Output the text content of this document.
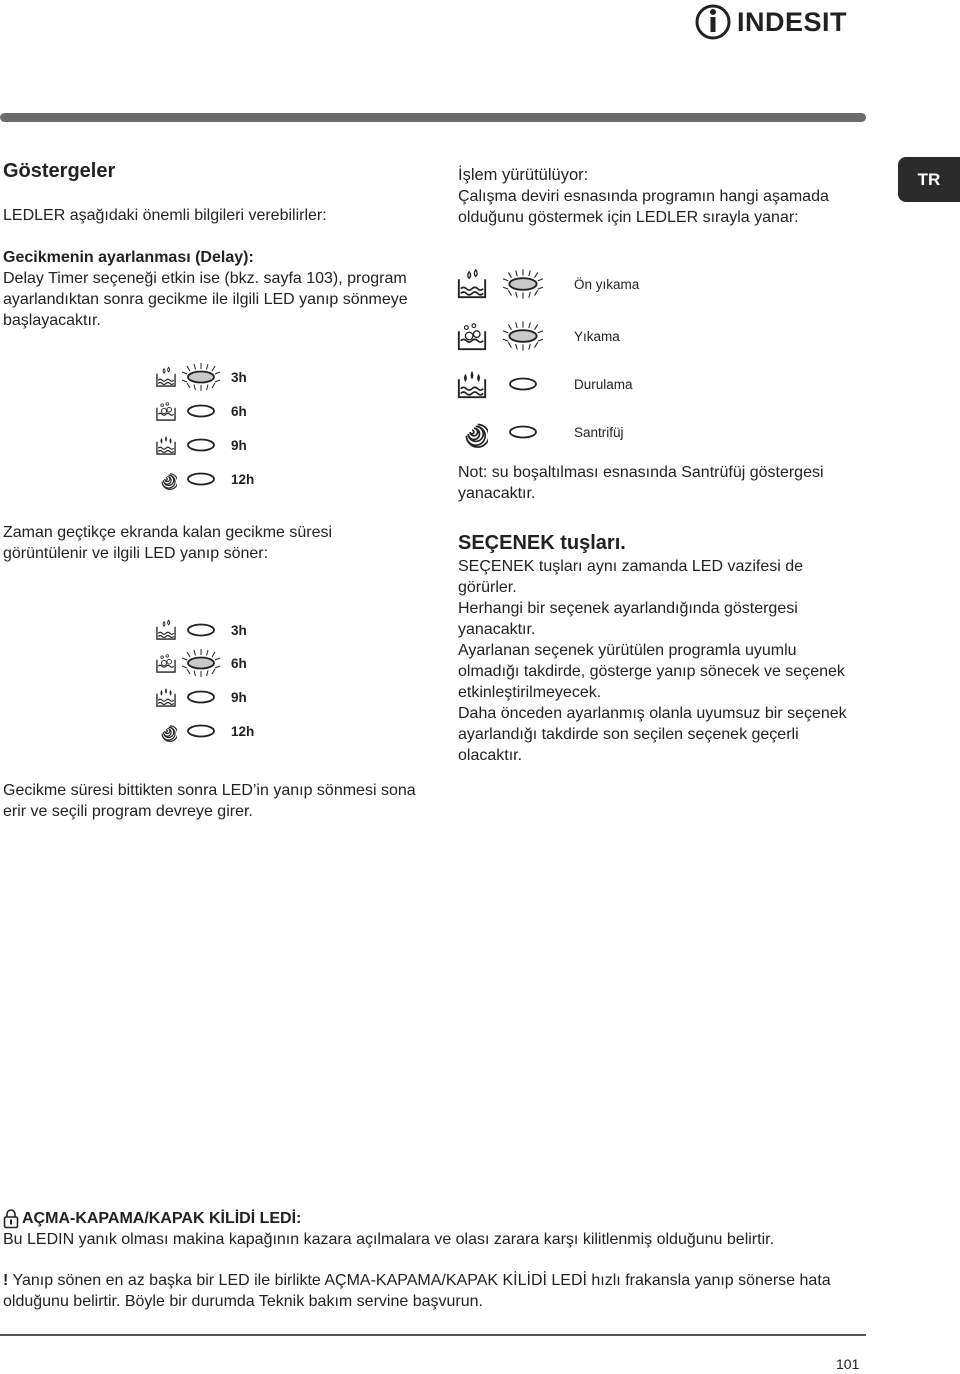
INDESIT
TR
Göstergeler

LEDLER aşağıdaki önemli bilgileri verebilirler:

Gecikmenin ayarlanması (Delay):

Delay Timer seçeneği etkin ise (bkz. sayfa 103), program ayarlandıktan sonra gecikme ile ilgili LED yanıp sönmeye başlayacaktır.

3h
6h
9h
12h

Zaman geçtikçe ekranda kalan gecikme süresi görüntülenir ve ilgili LED yanıp söner:

3h
6h
9h
12h

Gecikme süresi bittikten sonra LED’in yanıp sönmesi sona erir ve seçili program devreye girer.

İşlem yürütülüyor:

Çalışma deviri esnasında programın hangi aşamada olduğunu göstermek için LEDLER sırayla yanar:

Ön yıkama
Yıkama
Durulama
Santrifüj

Not: su boşaltılması esnasında Santrüfüj göstergesi yanacaktır.

SEÇENEK tuşları.

SEÇENEK tuşları aynı zamanda LED vazifesi de görürler.

Herhangi bir seçenek ayarlandığında göstergesi yanacaktır.

Ayarlanan seçenek yürütülen programla uyumlu olmadığı takdirde, gösterge yanıp sönecek ve seçenek etkinleştirilmeyecek.

Daha önceden ayarlanmış olanla uyumsuz bir seçenek ayarlandığı takdirde son seçilen seçenek geçerli olacaktır.

AÇMA-KAPAMA/KAPAK KİLİDİ LEDİ:

Bu LEDIN yanık olması makina kapağının kazara açılmalara ve olası zarara karşı kilitlenmiş olduğunu belirtir.

! Yanıp sönen en az başka bir LED ile birlikte AÇMA-KAPAMA/KAPAK KİLİDİ LEDİ hızlı frakansla yanıp sönerse hata olduğunu belirtir. Böyle bir durumda Teknik bakım servine başvurun.

101
